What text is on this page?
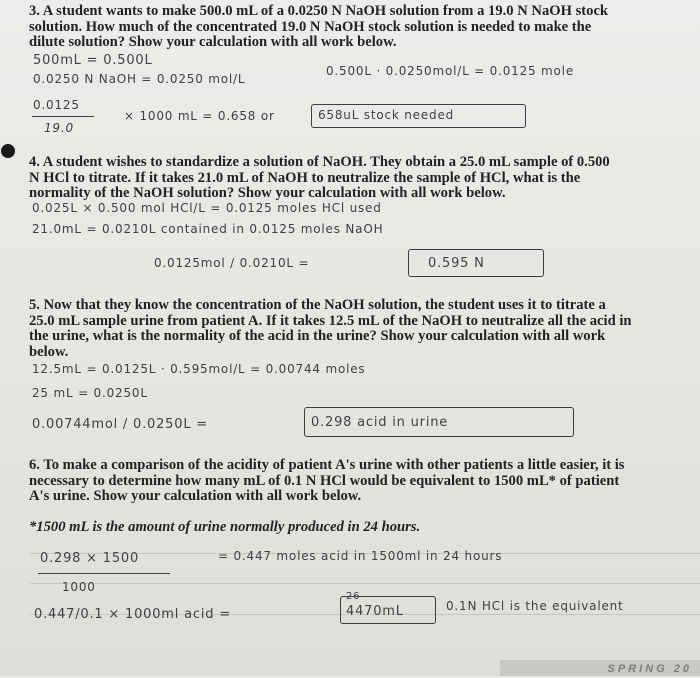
3. A student wants to make 500.0 mL of a 0.0250 N NaOH solution from a 19.0 N NaOH stock
solution. How much of the concentrated 19.0 N NaOH stock solution is needed to make the
dilute solution? Show your calculation with all work below.
500mL = 0.500L
0.0250 N NaOH = 0.0250 mol/L
0.500L · 0.0250mol/L = 0.0125 mole
0.0125
19.0
× 1000 mL = 0.658 or	658uL stock needed
4. A student wishes to standardize a solution of NaOH. They obtain a 25.0 mL sample of 0.500
N HCl to titrate. If it takes 21.0 mL of NaOH to neutralize the sample of HCl, what is the
normality of the NaOH solution? Show your calculation with all work below.
0.025L × 0.500 mol HCl/L = 0.0125 moles HCl used
21.0mL = 0.0210L contained in 0.0125 moles NaOH
0.0125mol / 0.0210L =	0.595 N
5. Now that they know the concentration of the NaOH solution, the student uses it to titrate a
25.0 mL sample urine from patient A. If it takes 12.5 mL of the NaOH to neutralize all the acid in
the urine, what is the normality of the acid in the urine? Show your calculation with all work
below.
12.5mL = 0.0125L · 0.595mol/L = 0.00744 moles
25 mL = 0.0250L
0.00744mol / 0.0250L =	0.298 acid in urine
6. To make a comparison of the acidity of patient A's urine with other patients a little easier, it is
necessary to determine how many mL of 0.1 N HCl would be equivalent to 1500 mL* of patient
A's urine. Show your calculation with all work below.
*1500 mL is the amount of urine normally produced in 24 hours.
0.298 × 1500	= 0.447 moles acid in 1500ml in 24 hours
1000
0.447/0.1 × 1000ml acid =
26
4470mL	0.1N HCl is the equivalent
SPRING 20
